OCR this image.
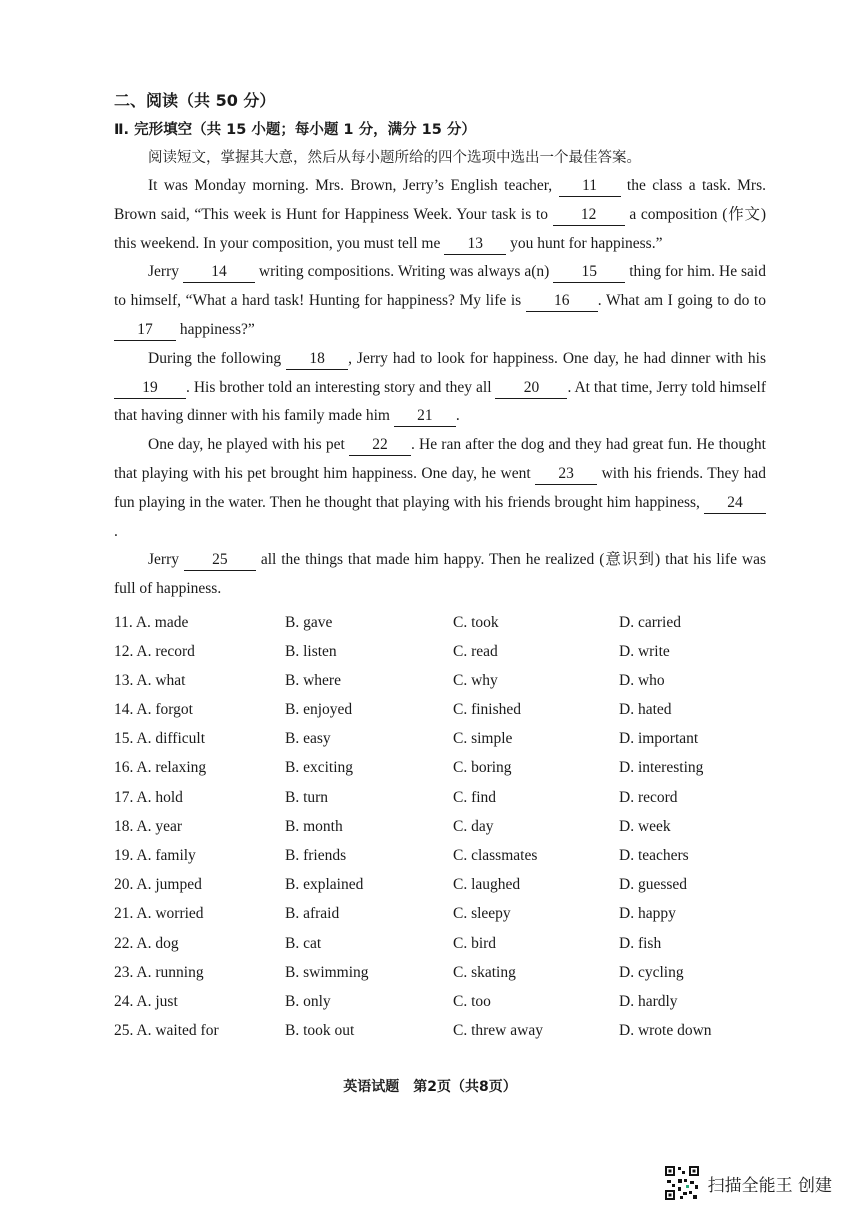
二、阅读（共 50 分）
Ⅱ. 完形填空（共 15 小题；每小题 1 分，满分 15 分）
阅读短文，掌握其大意，然后从每小题所给的四个选项中选出一个最佳答案。

It was Monday morning. Mrs. Brown, Jerry’s English teacher, 11 the class a task. Mrs. Brown said, “This week is Hunt for Happiness Week. Your task is to 12 a composition (作文) this weekend. In your composition, you must tell me 13 you hunt for happiness.”

Jerry 14 writing compositions. Writing was always a(n) 15 thing for him. He said to himself, “What a hard task! Hunting for happiness? My life is 16 . What am I going to do to 17 happiness?”

During the following 18 , Jerry had to look for happiness. One day, he had dinner with his 19 . His brother told an interesting story and they all 20 . At that time, Jerry told himself that having dinner with his family made him 21 .

One day, he played with his pet 22 . He ran after the dog and they had great fun. He thought that playing with his pet brought him happiness. One day, he went 23 with his friends. They had fun playing in the water. Then he thought that playing with his friends brought him happiness, 24.

Jerry 25 all the things that made him happy. Then he realized (意识到) that his life was full of happiness.

11. A. made	B. gave	C. took	D. carried
12. A. record	B. listen	C. read	D. write
13. A. what	B. where	C. why	D. who
14. A. forgot	B. enjoyed	C. finished	D. hated
15. A. difficult	B. easy	C. simple	D. important
16. A. relaxing	B. exciting	C. boring	D. interesting
17. A. hold	B. turn	C. find	D. record
18. A. year	B. month	C. day	D. week
19. A. family	B. friends	C. classmates	D. teachers
20. A. jumped	B. explained	C. laughed	D. guessed
21. A. worried	B. afraid	C. sleepy	D. happy
22. A. dog	B. cat	C. bird	D. fish
23. A. running	B. swimming	C. skating	D. cycling
24. A. just	B. only	C. too	D. hardly
25. A. waited for	B. took out	C. threw away	D. wrote down
英语试题　第2页（共8页）
扫描全能王 创建
